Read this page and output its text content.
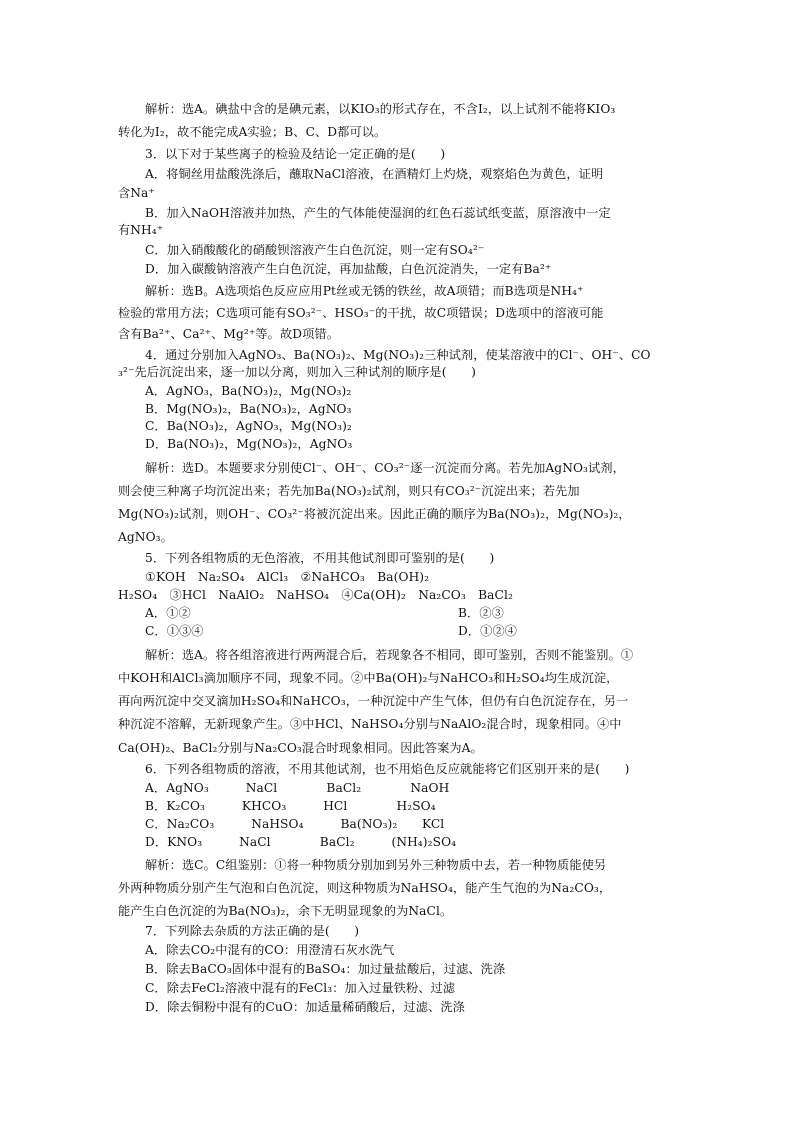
解析：选A。碘盐中含的是碘元素，以KIO₃的形式存在，不含I₂，以上试剂不能将KIO₃
转化为I₂，故不能完成A实验；B、C、D都可以。
3．以下对于某些离子的检验及结论一定正确的是(　　)
A．将铜丝用盐酸洗涤后，蘸取NaCl溶液，在酒精灯上灼烧，观察焰色为黄色，证明
含Na⁺
B．加入NaOH溶液并加热，产生的气体能使湿润的红色石蕊试纸变蓝，原溶液中一定
有NH₄⁺
C．加入硝酸酸化的硝酸钡溶液产生白色沉淀，则一定有SO₄²⁻
D．加入碳酸钠溶液产生白色沉淀，再加盐酸，白色沉淀消失，一定有Ba²⁺
解析：选B。A选项焰色反应应用Pt丝或无锈的铁丝，故A项错；而B选项是NH₄⁺
检验的常用方法；C选项可能有SO₃²⁻、HSO₃⁻的干扰，故C项错误；D选项中的溶液可能
含有Ba²⁺、Ca²⁺、Mg²⁺等。故D项错。
4．通过分别加入AgNO₃、Ba(NO₃)₂、Mg(NO₃)₂三种试剂，使某溶液中的Cl⁻、OH⁻、CO
₃²⁻先后沉淀出来，逐一加以分离，则加入三种试剂的顺序是(　　)
A．AgNO₃，Ba(NO₃)₂，Mg(NO₃)₂
B．Mg(NO₃)₂，Ba(NO₃)₂，AgNO₃
C．Ba(NO₃)₂，AgNO₃，Mg(NO₃)₂
D．Ba(NO₃)₂，Mg(NO₃)₂，AgNO₃
解析：选D。本题要求分别使Cl⁻、OH⁻、CO₃²⁻逐一沉淀而分离。若先加AgNO₃试剂，
则会使三种离子均沉淀出来；若先加Ba(NO₃)₂试剂，则只有CO₃²⁻沉淀出来；若先加
Mg(NO₃)₂试剂，则OH⁻、CO₃²⁻将被沉淀出来。因此正确的顺序为Ba(NO₃)₂，Mg(NO₃)₂，
AgNO₃。
5．下列各组物质的无色溶液，不用其他试剂即可鉴别的是(　　)
①KOH　Na₂SO₄　AlCl₃　②NaHCO₃　Ba(OH)₂
H₂SO₄　③HCl　NaAlO₂　NaHSO₄　④Ca(OH)₂　Na₂CO₃　BaCl₂
A．①②	B．②③
C．①③④	D．①②④
解析：选A。将各组溶液进行两两混合后，若现象各不相同，即可鉴别，否则不能鉴别。①
中KOH和AlCl₃滴加顺序不同，现象不同。②中Ba(OH)₂与NaHCO₃和H₂SO₄均生成沉淀，
再向两沉淀中交叉滴加H₂SO₄和NaHCO₃，一种沉淀中产生气体，但仍有白色沉淀存在，另一
种沉淀不溶解，无新现象产生。③中HCl、NaHSO₄分别与NaAlO₂混合时，现象相同。④中
Ca(OH)₂、BaCl₂分别与Na₂CO₃混合时现象相同。因此答案为A。
6．下列各组物质的溶液，不用其他试剂，也不用焰色反应就能将它们区别开来的是(　　)
A．AgNO₃　　　NaCl　　　　BaCl₂　　　　NaOH
B．K₂CO₃　　　KHCO₃　　　HCl　　　　H₂SO₄
C．Na₂CO₃　　　NaHSO₄　　　Ba(NO₃)₂　　KCl
D．KNO₃　　　NaCl　　　　BaCl₂　　　(NH₄)₂SO₄
解析：选C。C组鉴别：①将一种物质分别加到另外三种物质中去，若一种物质能使另
外两种物质分别产生气泡和白色沉淀，则这种物质为NaHSO₄，能产生气泡的为Na₂CO₃，
能产生白色沉淀的为Ba(NO₃)₂，余下无明显现象的为NaCl。
7．下列除去杂质的方法正确的是(　　)
A．除去CO₂中混有的CO：用澄清石灰水洗气
B．除去BaCO₃固体中混有的BaSO₄：加过量盐酸后，过滤、洗涤
C．除去FeCl₂溶液中混有的FeCl₃：加入过量铁粉、过滤
D．除去铜粉中混有的CuO：加适量稀硝酸后，过滤、洗涤
